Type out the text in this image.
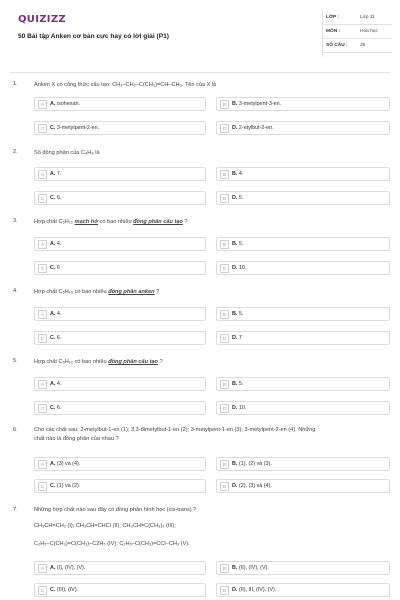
QUIZIZZ
50 Bài tập Anken cơ bản cực hay có lời giải (P1)
LỚP :	Lớp 11
MÔN :	Hóa học
SỐ CÂU :	25
1.	Anken X có công thức cấu tạo: CH₃–CH₂–C(CH₃)=CH–CH₃. Tên của X là
A	A. isohexan.	B	B. 3-metylpent-3-en.
C	C. 3-metylpent-2-en.	D	D. 2-etylbut-2-en.
2.	Số đồng phân của C₄H₈ là
A	A. 7.	B	B. 4.
C	C. 6.	D	D. 5.
3.	Hợp chất C₅H₁₀ mạch hở có bao nhiêu đồng phân cấu tạo ?
A	A. 4.	B	B. 5.
C	C. 6	D	D. 10.
4.	Hợp chất C₅H₁₀ có bao nhiêu đồng phân anken ?
A	A. 4.	B	B. 5.
C	C. 6.	D	D. 7
5.	Hợp chất C₅H₁₀ có bao nhiêu đồng phân cấu tạo ?
A	A. 4.	B	B. 5.
C	C. 6.	D	D. 10.
6.	Cho các chất sau: 2-metylbut-1-en (1); 3,3-đimetylbut-1-en (2); 3-metylpent-1-en (3); 3-metylpent-2-en (4). Những
chất nào là đồng phân của nhau ?
A	A. (3) và (4).	B	B. (1), (2) và (3).
C	C. (1) và (2).	D	D. (2), (3) và (4).
7.	Những hợp chất nào sau đây có đồng phân hình học (cis-trans) ?
CH₃CH=CH₂ (I); CH₃CH=CHCl (II); CH₃CH=C(CH₃)₂ (III);
C₂H₅–C(CH₃)=C(CH₃)–C2H₅ (IV); C₂H₅–C(CH₃)=CCl–CH₃ (V).
A	A. (I), (IV), (V).	B	B. (II), (IV), (V).
C	C. (III), (IV).	D	D. (II), III, (IV), (V).
